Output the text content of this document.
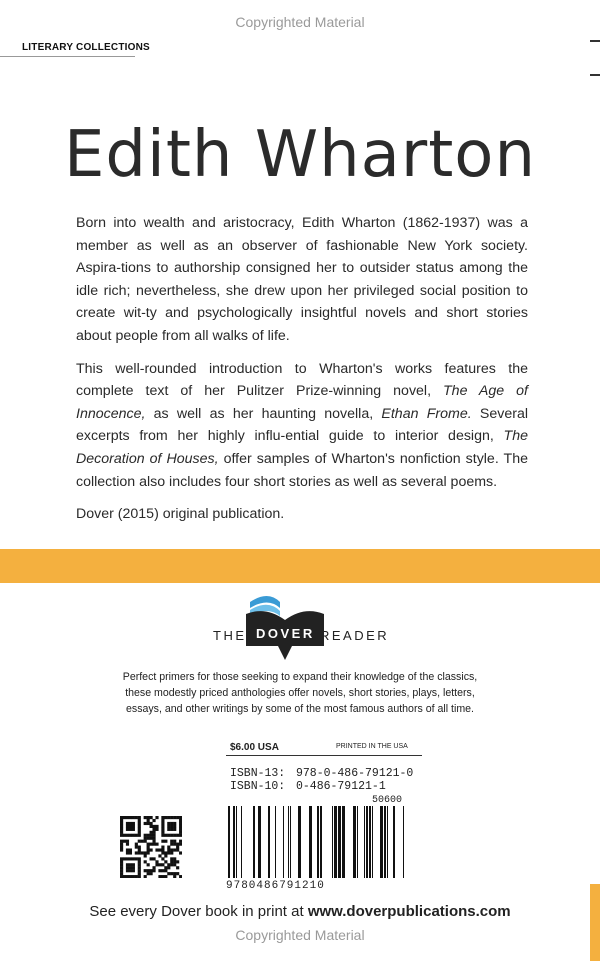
Copyrighted Material
LITERARY COLLECTIONS
Edith Wharton

Born into wealth and aristocracy, Edith Wharton (1862-1937) was a member as well as an observer of fashionable New York society. Aspira-tions to authorship consigned her to outsider status among the idle rich; nevertheless, she drew upon her privileged social position to create wit-ty and psychologically insightful novels and short stories about people from all walks of life.

This well-rounded introduction to Wharton's works features the complete text of her Pulitzer Prize-winning novel, The Age of Innocence, as well as her haunting novella, Ethan Frome. Several excerpts from her highly influ-ential guide to interior design, The Decoration of Houses, offer samples of Wharton's nonfiction style. The collection also includes four short stories as well as several poems.

Dover (2015) original publication.

THE DOVER READER
Perfect primers for those seeking to expand their knowledge of the classics,
these modestly priced anthologies offer novels, short stories, plays, letters,
essays, and other writings by some of the most famous authors of all time.
$6.00 USA	PRINTED IN THE USA
ISBN-13: 978-0-486-79121-0
ISBN-10: 0-486-79121-1
50600
9780486791210
See every Dover book in print at www.doverpublications.com
Copyrighted Material
